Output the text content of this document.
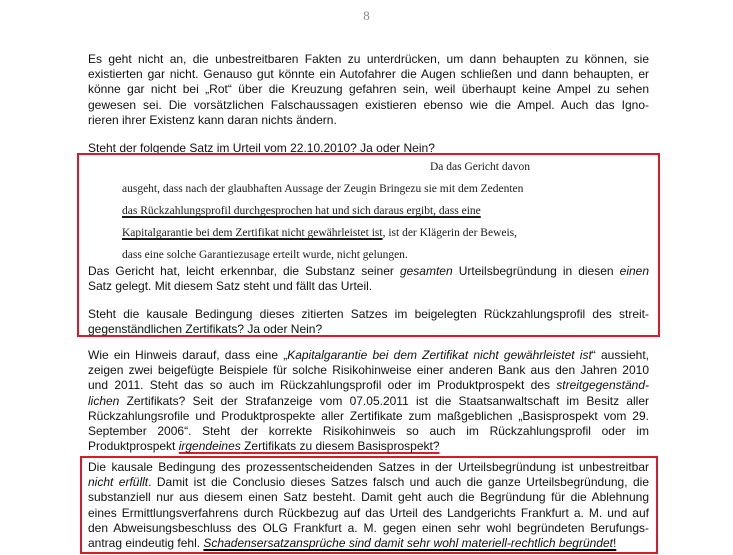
8
Es geht nicht an, die unbestreitbaren Fakten zu unterdrücken, um dann behaupten zu können, sie
existierten gar nicht. Genauso gut könnte ein Autofahrer die Augen schließen und dann behaupten, er
könne gar nicht bei „Rot“ über die Kreuzung gefahren sein, weil überhaupt keine Ampel zu sehen
gewesen sei. Die vorsätzlichen Falschaussagen existieren ebenso wie die Ampel. Auch das Igno-
rieren ihrer Existenz kann daran nichts ändern.
Steht der folgende Satz im Urteil vom 22.10.2010? Ja oder Nein?
Da das Gericht davon
ausgeht, dass nach der glaubhaften Aussage der Zeugin Bringezu sie mit dem Zedenten
das Rückzahlungsprofil durchgesprochen hat und sich daraus ergibt, dass eine
Kapitalgarantie bei dem Zertifikat nicht gewährleistet ist, ist der Klägerin der Beweis,
dass eine solche Garantiezusage erteilt wurde, nicht gelungen.
Das Gericht hat, leicht erkennbar, die Substanz seiner gesamten Urteilsbegründung in diesen einen
Satz gelegt. Mit diesem Satz steht und fällt das Urteil.
Steht die kausale Bedingung dieses zitierten Satzes im beigelegten Rückzahlungsprofil des streit-
gegenständlichen Zertifikats? Ja oder Nein?
Wie ein Hinweis darauf, dass eine „Kapitalgarantie bei dem Zertifikat nicht gewährleistet ist“ aussieht,
zeigen zwei beigefügte Beispiele für solche Risikohinweise einer anderen Bank aus den Jahren 2010
und 2011. Steht das so auch im Rückzahlungsprofil oder im Produktprospekt des streitgegenständ-
lichen Zertifikats? Seit der Strafanzeige vom 07.05.2011 ist die Staatsanwaltschaft im Besitz aller
Rückzahlungsrofile und Produktprospekte aller Zertifikate zum maßgeblichen „Basisprospekt vom 29.
September 2006“. Steht der korrekte Risikohinweis so auch im Rückzahlungsprofil oder im
Produktprospekt irgendeines Zertifikats zu diesem Basisprospekt?
Die kausale Bedingung des prozessentscheidenden Satzes in der Urteilsbegründung ist unbestreitbar
nicht erfüllt. Damit ist die Conclusio dieses Satzes falsch und auch die ganze Urteilsbegründung, die
substanziell nur aus diesem einen Satz besteht. Damit geht auch die Begründung für die Ablehnung
eines Ermittlungsverfahrens durch Rückbezug auf das Urteil des Landgerichts Frankfurt a. M. und auf
den Abweisungsbeschluss des OLG Frankfurt a. M. gegen einen sehr wohl begründeten Berufungs-
antrag eindeutig fehl. Schadensersatzansprüche sind damit sehr wohl materiell-rechtlich begründet!
